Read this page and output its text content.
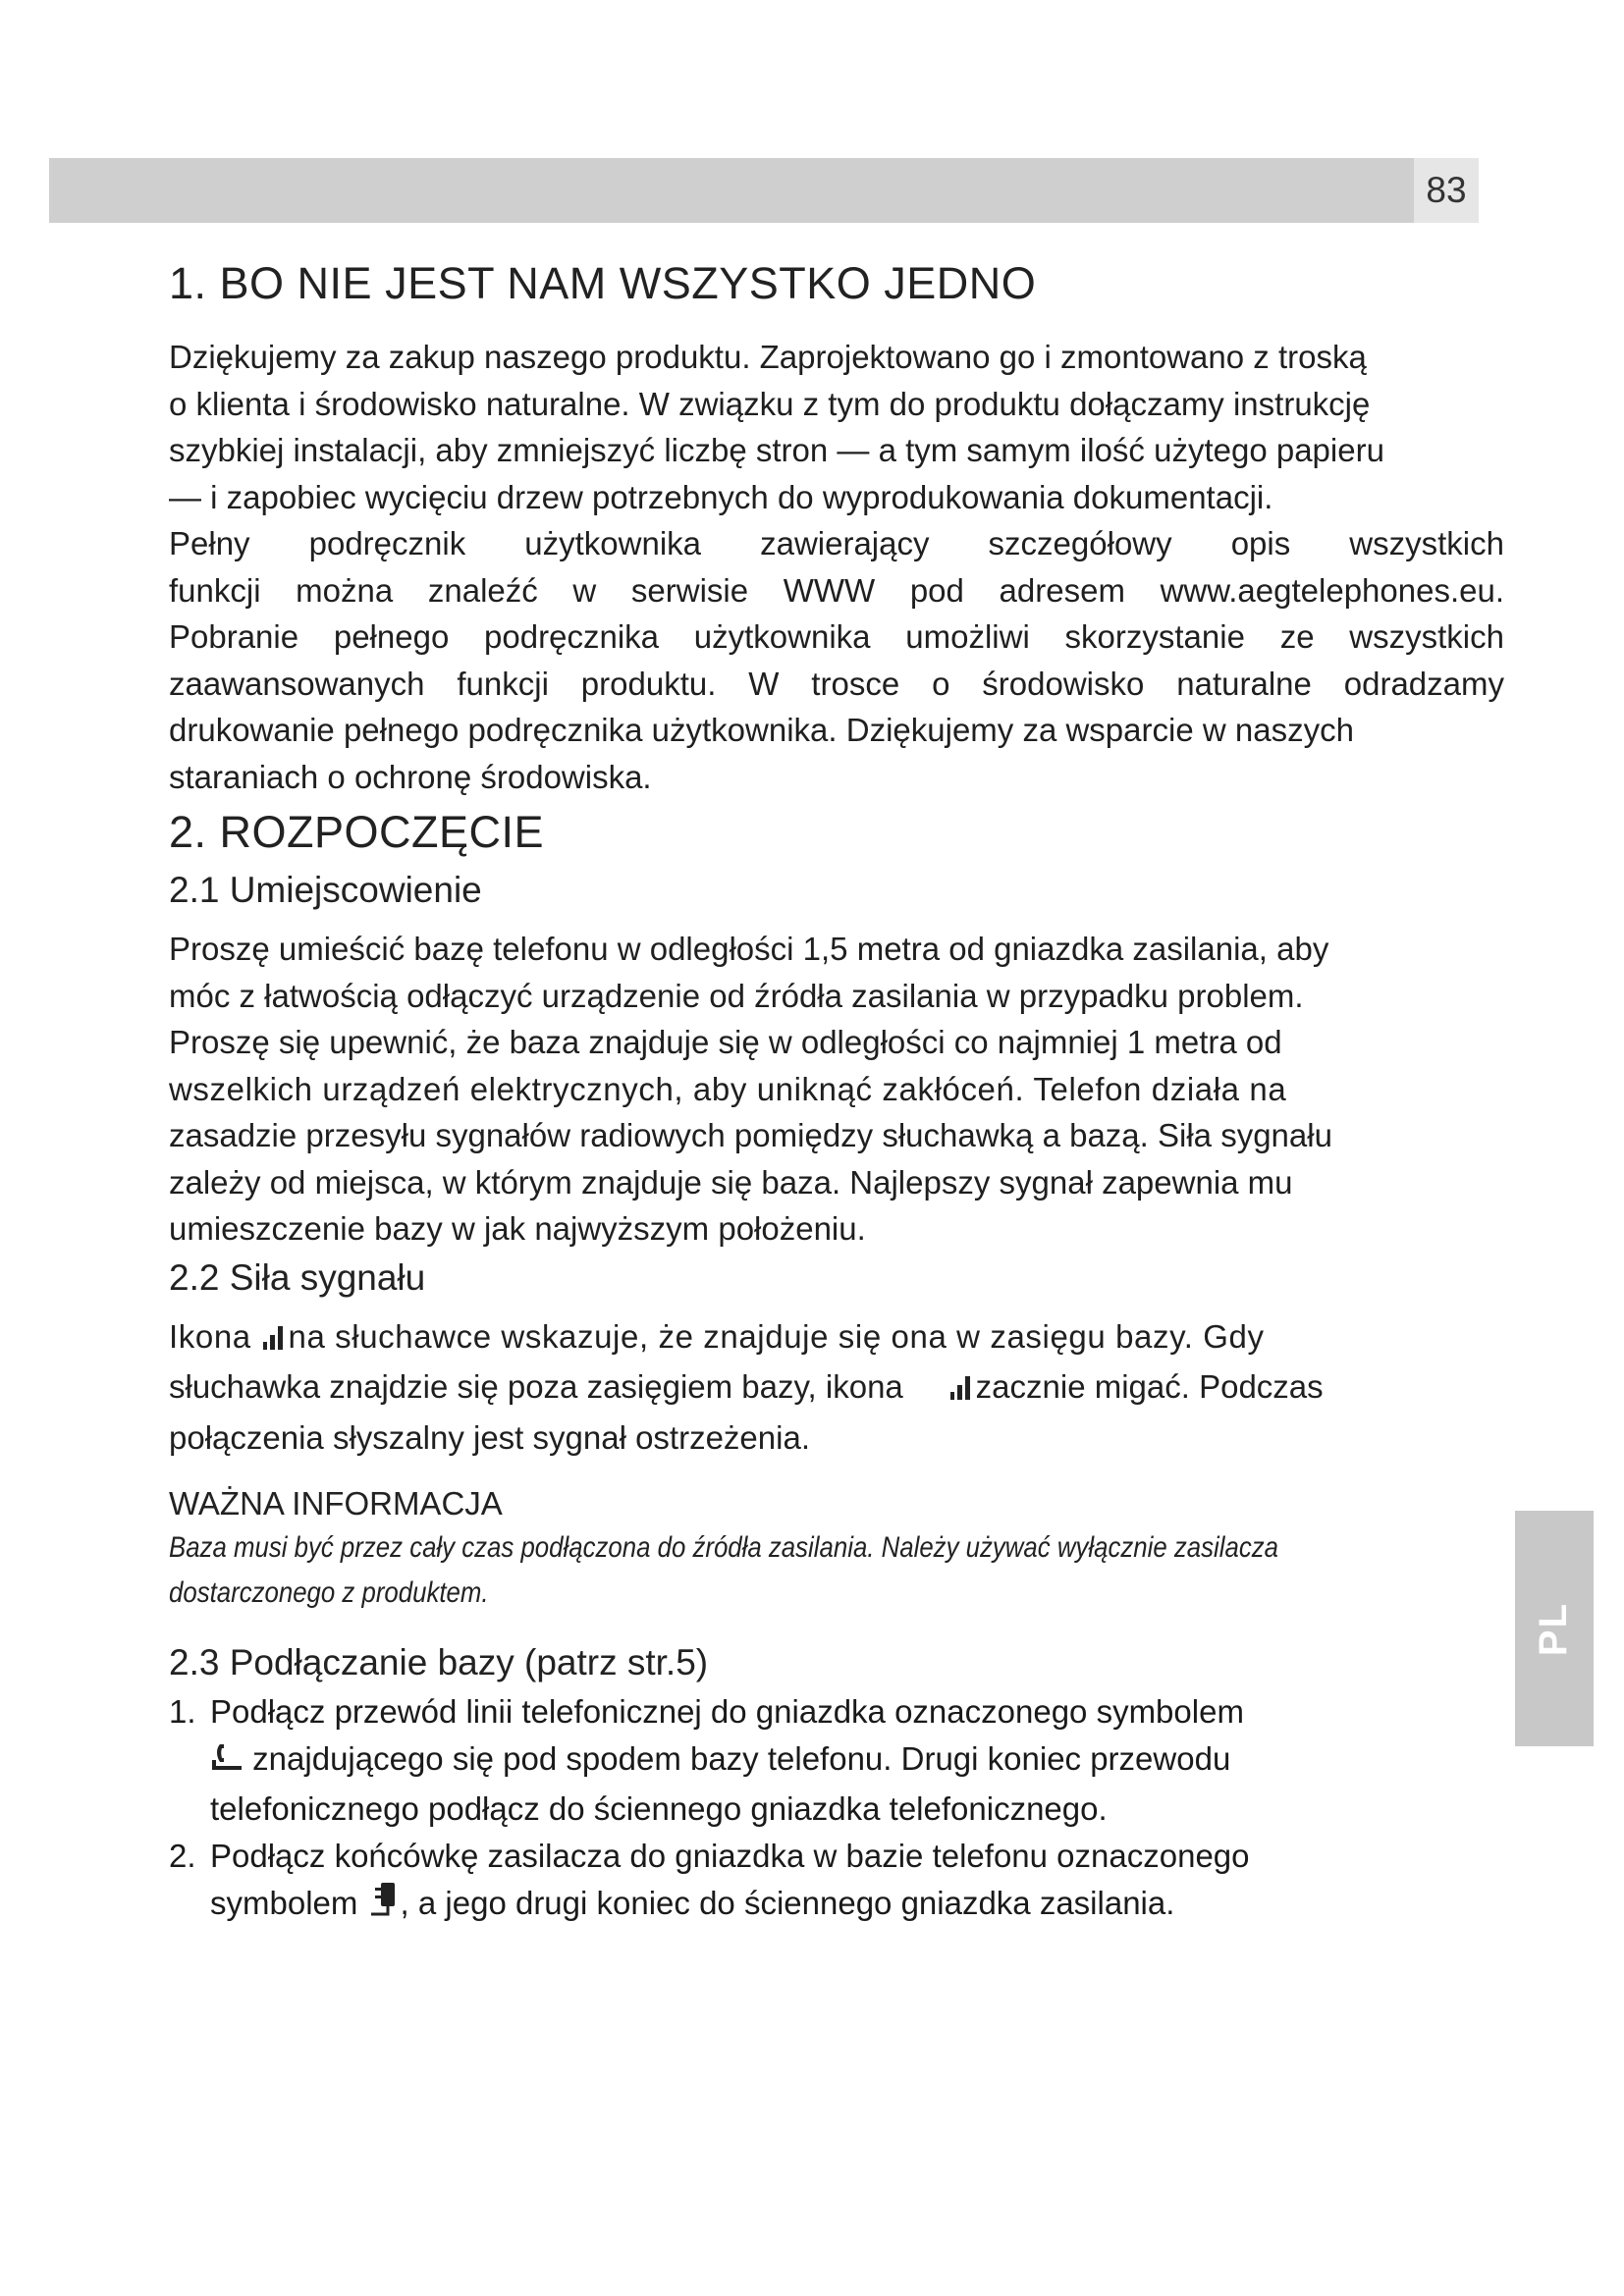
83
1. BO NIE JEST NAM WSZYSTKO JEDNO

Dziękujemy za zakup naszego produktu. Zaprojektowano go i zmontowano z troską

o klienta i środowisko naturalne. W związku z tym do produktu dołączamy instrukcję

szybkiej instalacji, aby zmniejszyć liczbę stron — a tym samym ilość użytego papieru

— i zapobiec wycięciu drzew potrzebnych do wyprodukowania dokumentacji.

Pełny podręcznik użytkownika zawierający szczegółowy opis wszystkich

funkcji można znaleźć w serwisie WWW pod adresem www.aegtelephones.eu.

Pobranie pełnego podręcznika użytkownika umożliwi skorzystanie ze wszystkich

zaawansowanych funkcji produktu. W trosce o środowisko naturalne odradzamy

drukowanie pełnego podręcznika użytkownika. Dziękujemy za wsparcie w naszych

staraniach o ochronę środowiska.

2. ROZPOCZĘCIE
2.1 Umiejscowienie

Proszę umieścić bazę telefonu w odległości 1,5 metra od gniazdka zasilania, aby

móc z łatwością odłączyć urządzenie od źródła zasilania w przypadku problem.

Proszę się upewnić, że baza znajduje się w odległości co najmniej 1 metra od

wszelkich urządzeń elektrycznych, aby uniknąć zakłóceń. Telefon działa na

zasadzie przesyłu sygnałów radiowych pomiędzy słuchawką a bazą. Siła sygnału

zależy od miejsca, w którym znajduje się baza. Najlepszy sygnał zapewnia mu

umieszczenie bazy w jak najwyższym położeniu.

2.2 Siła sygnału

Ikona na słuchawce wskazuje, że znajduje się ona w zasięgu bazy. Gdy

słuchawka znajdzie się poza zasięgiem bazy, ikona     zacznie migać. Podczas

połączenia słyszalny jest sygnał ostrzeżenia.

WAŻNA INFORMACJA
Baza musi być przez cały czas podłączona do źródła zasilania. Należy używać wyłącznie zasilacza
dostarczonego z produktem.
2.3 Podłączanie bazy (patrz str.5)
1. Podłącz przewód linii telefonicznej do gniazdka oznaczonego symbolem
znajdującego się pod spodem bazy telefonu. Drugi koniec przewodu
telefonicznego podłącz do ściennego gniazdka telefonicznego.
2. Podłącz końcówkę zasilacza do gniazdka w bazie telefonu oznaczonego
symbolem , a jego drugi koniec do ściennego gniazdka zasilania.
PL
